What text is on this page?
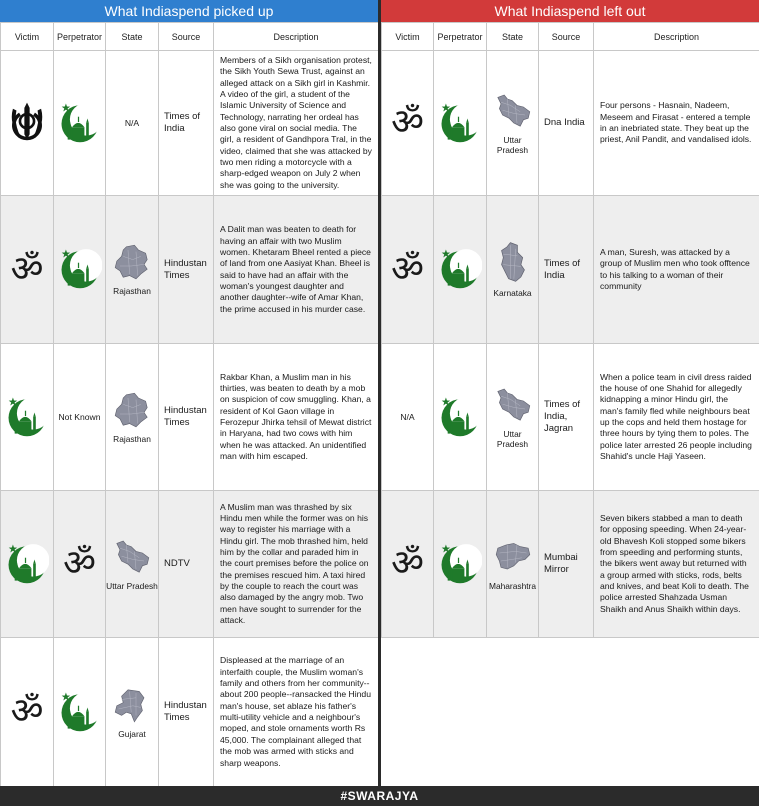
What Indiaspend picked up
Victim	Perpetrator	State	Source	Description
		N/A	Times of India	Members of a Sikh organisation protest, the Sikh Youth Sewa Trust, against an alleged attack on a Sikh girl in Kashmir. A video of the girl, a student of the Islamic University of Science and Technology, narrating her ordeal has also gone viral on social media. The girl, a resident of Gandhpora Tral, in the video, claimed that she was attacked by two men riding a motorcycle with a sharp-edged weapon on July 2 when she was going to the university.
ॐ		Rajasthan	Hindustan Times	A Dalit man was beaten to death for having an affair with two Muslim women. Khetaram Bheel rented a piece of land from one Aasiyat Khan. Bheel is said to have had an affair with the woman's youngest daughter and another daughter--wife of Amar Khan, the prime accused in his murder case.
	Not Known	Rajasthan	Hindustan Times	Rakbar Khan, a Muslim man in his thirties, was beaten to death by a mob on suspicion of cow smuggling. Khan, a resident of Kol Gaon village in Ferozepur Jhirka tehsil of Mewat district in Haryana, had two cows with him when he was attacked. An unidentified man with him escaped.
	ॐ	Uttar Pradesh	NDTV	A Muslim man was thrashed by six Hindu men while the former was on his way to register his marriage with a Hindu girl. The mob thrashed him, held him by the collar and paraded him in the court premises before the police on the premises rescued him. A taxi hired by the couple to reach the court was also damaged by the angry mob. Two men have sought to surrender for the attack.
ॐ		Gujarat	Hindustan Times	Displeased at the marriage of an interfaith couple, the Muslim woman's family and others from her community--about 200 people--ransacked the Hindu man's house, set ablaze his father's multi-utility vehicle and a neighbour's moped, and stole ornaments worth Rs 45,000. The complainant alleged that the mob was armed with sticks and sharp weapons.
What Indiaspend left out
Victim	Perpetrator	State	Source	Description
ॐ		Uttar Pradesh	Dna India	Four persons - Hasnain, Nadeem, Meseem and Firasat - entered a temple in an inebriated state. They beat up the priest, Anil Pandit, and vandalised idols.
ॐ		Karnataka	Times of India	A man, Suresh, was attacked by a group of Muslim men who took offtence to his talking to a woman of their community
N/A		Uttar Pradesh	Times of India, Jagran	When a police team in civil dress raided the house of one Shahid for allegedly kidnapping a minor Hindu girl, the man's family fled while neighbours beat up the cops and held them hostage for three hours by tying them to poles. The police later arrested 26 people including Shahid's uncle Haji Yaseen.
ॐ		Maharashtra	Mumbai Mirror	Seven bikers stabbed a man to death for opposing speeding. When 24-year-old Bhavesh Koli stopped some bikers from speeding and performing stunts, the bikers went away but returned with a group armed with sticks, rods, belts and knives, and beat Koli to death. The police arrested Shahzada Usman Shaikh and Anus Shaikh within days.
#SWARAJYA
